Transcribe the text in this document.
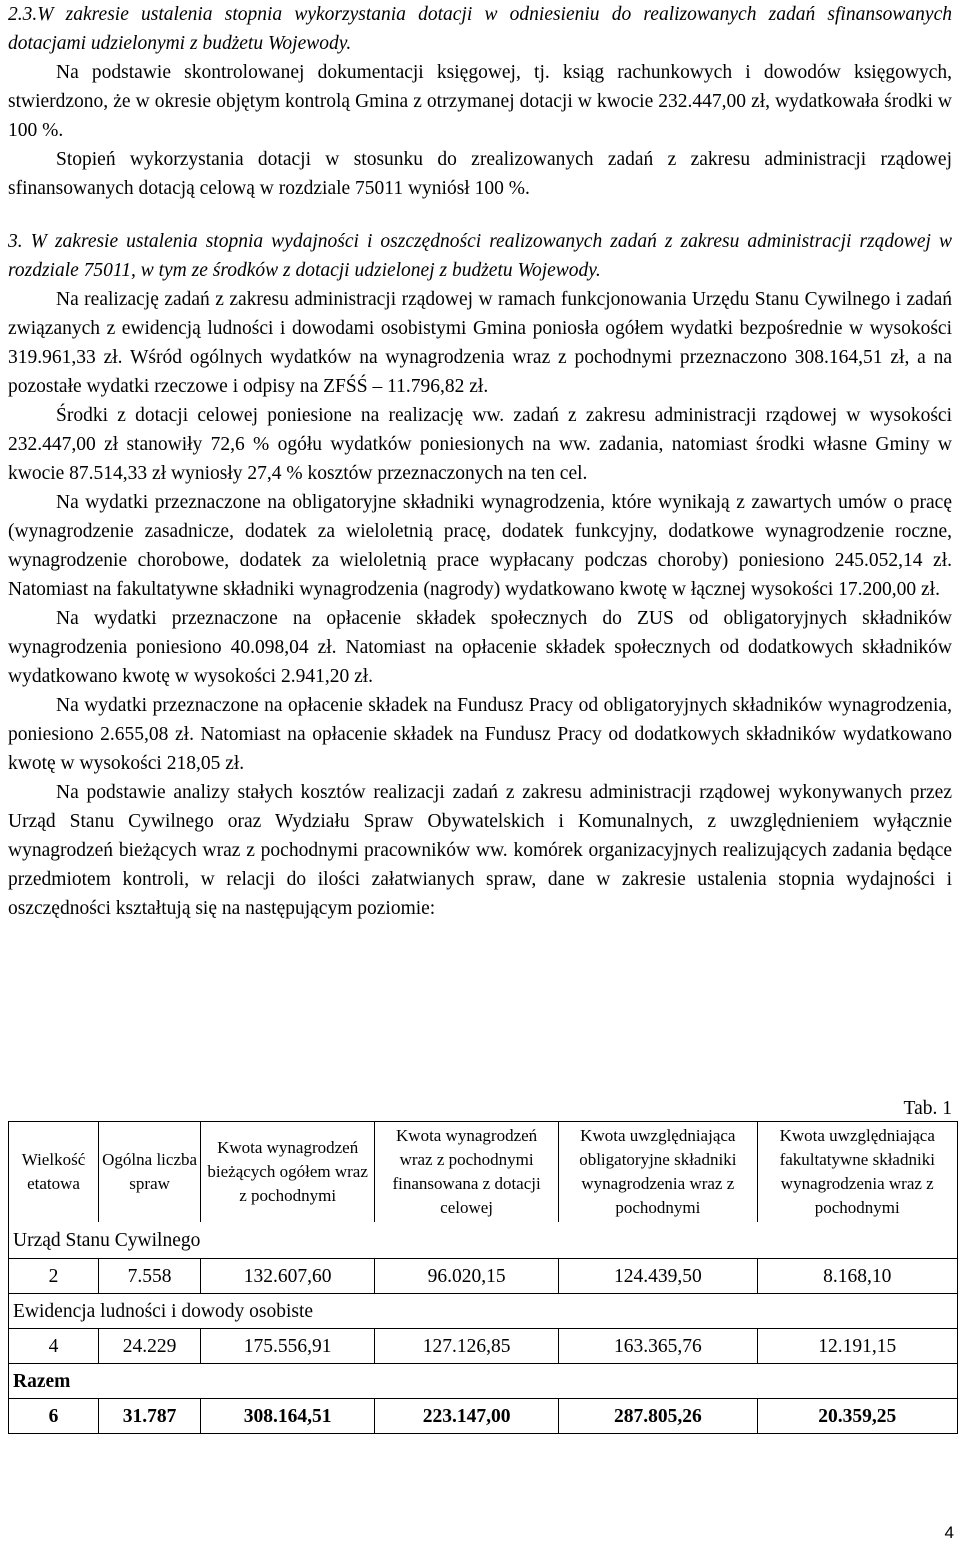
2.3.W zakresie ustalenia stopnia wykorzystania dotacji w odniesieniu do realizowanych zadań sfinansowanych dotacjami udzielonymi z budżetu Wojewody.

Na podstawie skontrolowanej dokumentacji księgowej, tj. ksiąg rachunkowych i dowodów księgowych, stwierdzono, że w okresie objętym kontrolą Gmina z otrzymanej dotacji w kwocie 232.447,00 zł, wydatkowała środki w 100 %.

Stopień wykorzystania dotacji w stosunku do zrealizowanych zadań z zakresu administracji rządowej sfinansowanych dotacją celową w rozdziale 75011 wyniósł 100 %.

3. W zakresie ustalenia stopnia wydajności i oszczędności realizowanych zadań z zakresu administracji rządowej w rozdziale 75011, w tym ze środków z dotacji udzielonej z budżetu Wojewody.

Na realizację zadań z zakresu administracji rządowej w ramach funkcjonowania Urzędu Stanu Cywilnego i zadań związanych z ewidencją ludności i dowodami osobistymi Gmina poniosła ogółem wydatki bezpośrednie w wysokości 319.961,33 zł. Wśród ogólnych wydatków na wynagrodzenia wraz z pochodnymi przeznaczono 308.164,51 zł, a na pozostałe wydatki rzeczowe i odpisy na ZFŚŚ – 11.796,82 zł.

Środki z dotacji celowej poniesione na realizację ww. zadań z zakresu administracji rządowej w wysokości 232.447,00 zł stanowiły 72,6 % ogółu wydatków poniesionych na ww. zadania, natomiast środki własne Gminy w kwocie 87.514,33 zł wyniosły 27,4 % kosztów przeznaczonych na ten cel.

Na wydatki przeznaczone na obligatoryjne składniki wynagrodzenia, które wynikają z zawartych umów o pracę (wynagrodzenie zasadnicze, dodatek za wieloletnią pracę, dodatek funkcyjny, dodatkowe wynagrodzenie roczne, wynagrodzenie chorobowe, dodatek za wieloletnią prace wypłacany podczas choroby) poniesiono 245.052,14 zł. Natomiast na fakultatywne składniki wynagrodzenia (nagrody) wydatkowano kwotę w łącznej wysokości 17.200,00 zł.

Na wydatki przeznaczone na opłacenie składek społecznych do ZUS od obligatoryjnych składników wynagrodzenia poniesiono 40.098,04 zł. Natomiast na opłacenie składek społecznych od dodatkowych składników wydatkowano kwotę w wysokości 2.941,20 zł.

Na wydatki przeznaczone na opłacenie składek na Fundusz Pracy od obligatoryjnych składników wynagrodzenia, poniesiono 2.655,08 zł. Natomiast na opłacenie składek na Fundusz Pracy od dodatkowych składników wydatkowano kwotę w wysokości 218,05 zł.

Na podstawie analizy stałych kosztów realizacji zadań z zakresu administracji rządowej wykonywanych przez Urząd Stanu Cywilnego oraz Wydziału Spraw Obywatelskich i Komunalnych, z uwzględnieniem wyłącznie wynagrodzeń bieżących wraz z pochodnymi pracowników ww. komórek organizacyjnych realizujących zadania będące przedmiotem kontroli, w relacji do ilości załatwianych spraw, dane w zakresie ustalenia stopnia wydajności i oszczędności kształtują się na następującym poziomie:

Tab. 1
Wielkość etatowa	Ogólna liczba spraw	Kwota wynagrodzeń bieżących ogółem wraz z pochodnymi	Kwota wynagrodzeń wraz z pochodnymi finansowana z dotacji celowej	Kwota uwzględniająca obligatoryjne składniki wynagrodzenia wraz z pochodnymi	Kwota uwzględniająca fakultatywne składniki wynagrodzenia wraz z pochodnymi
Urząd Stanu Cywilnego					
2	7.558	132.607,60	96.020,15	124.439,50	8.168,10
Ewidencja ludności i dowody osobiste					
4	24.229	175.556,91	127.126,85	163.365,76	12.191,15
Razem					
6	31.787	308.164,51	223.147,00	287.805,26	20.359,25
4
